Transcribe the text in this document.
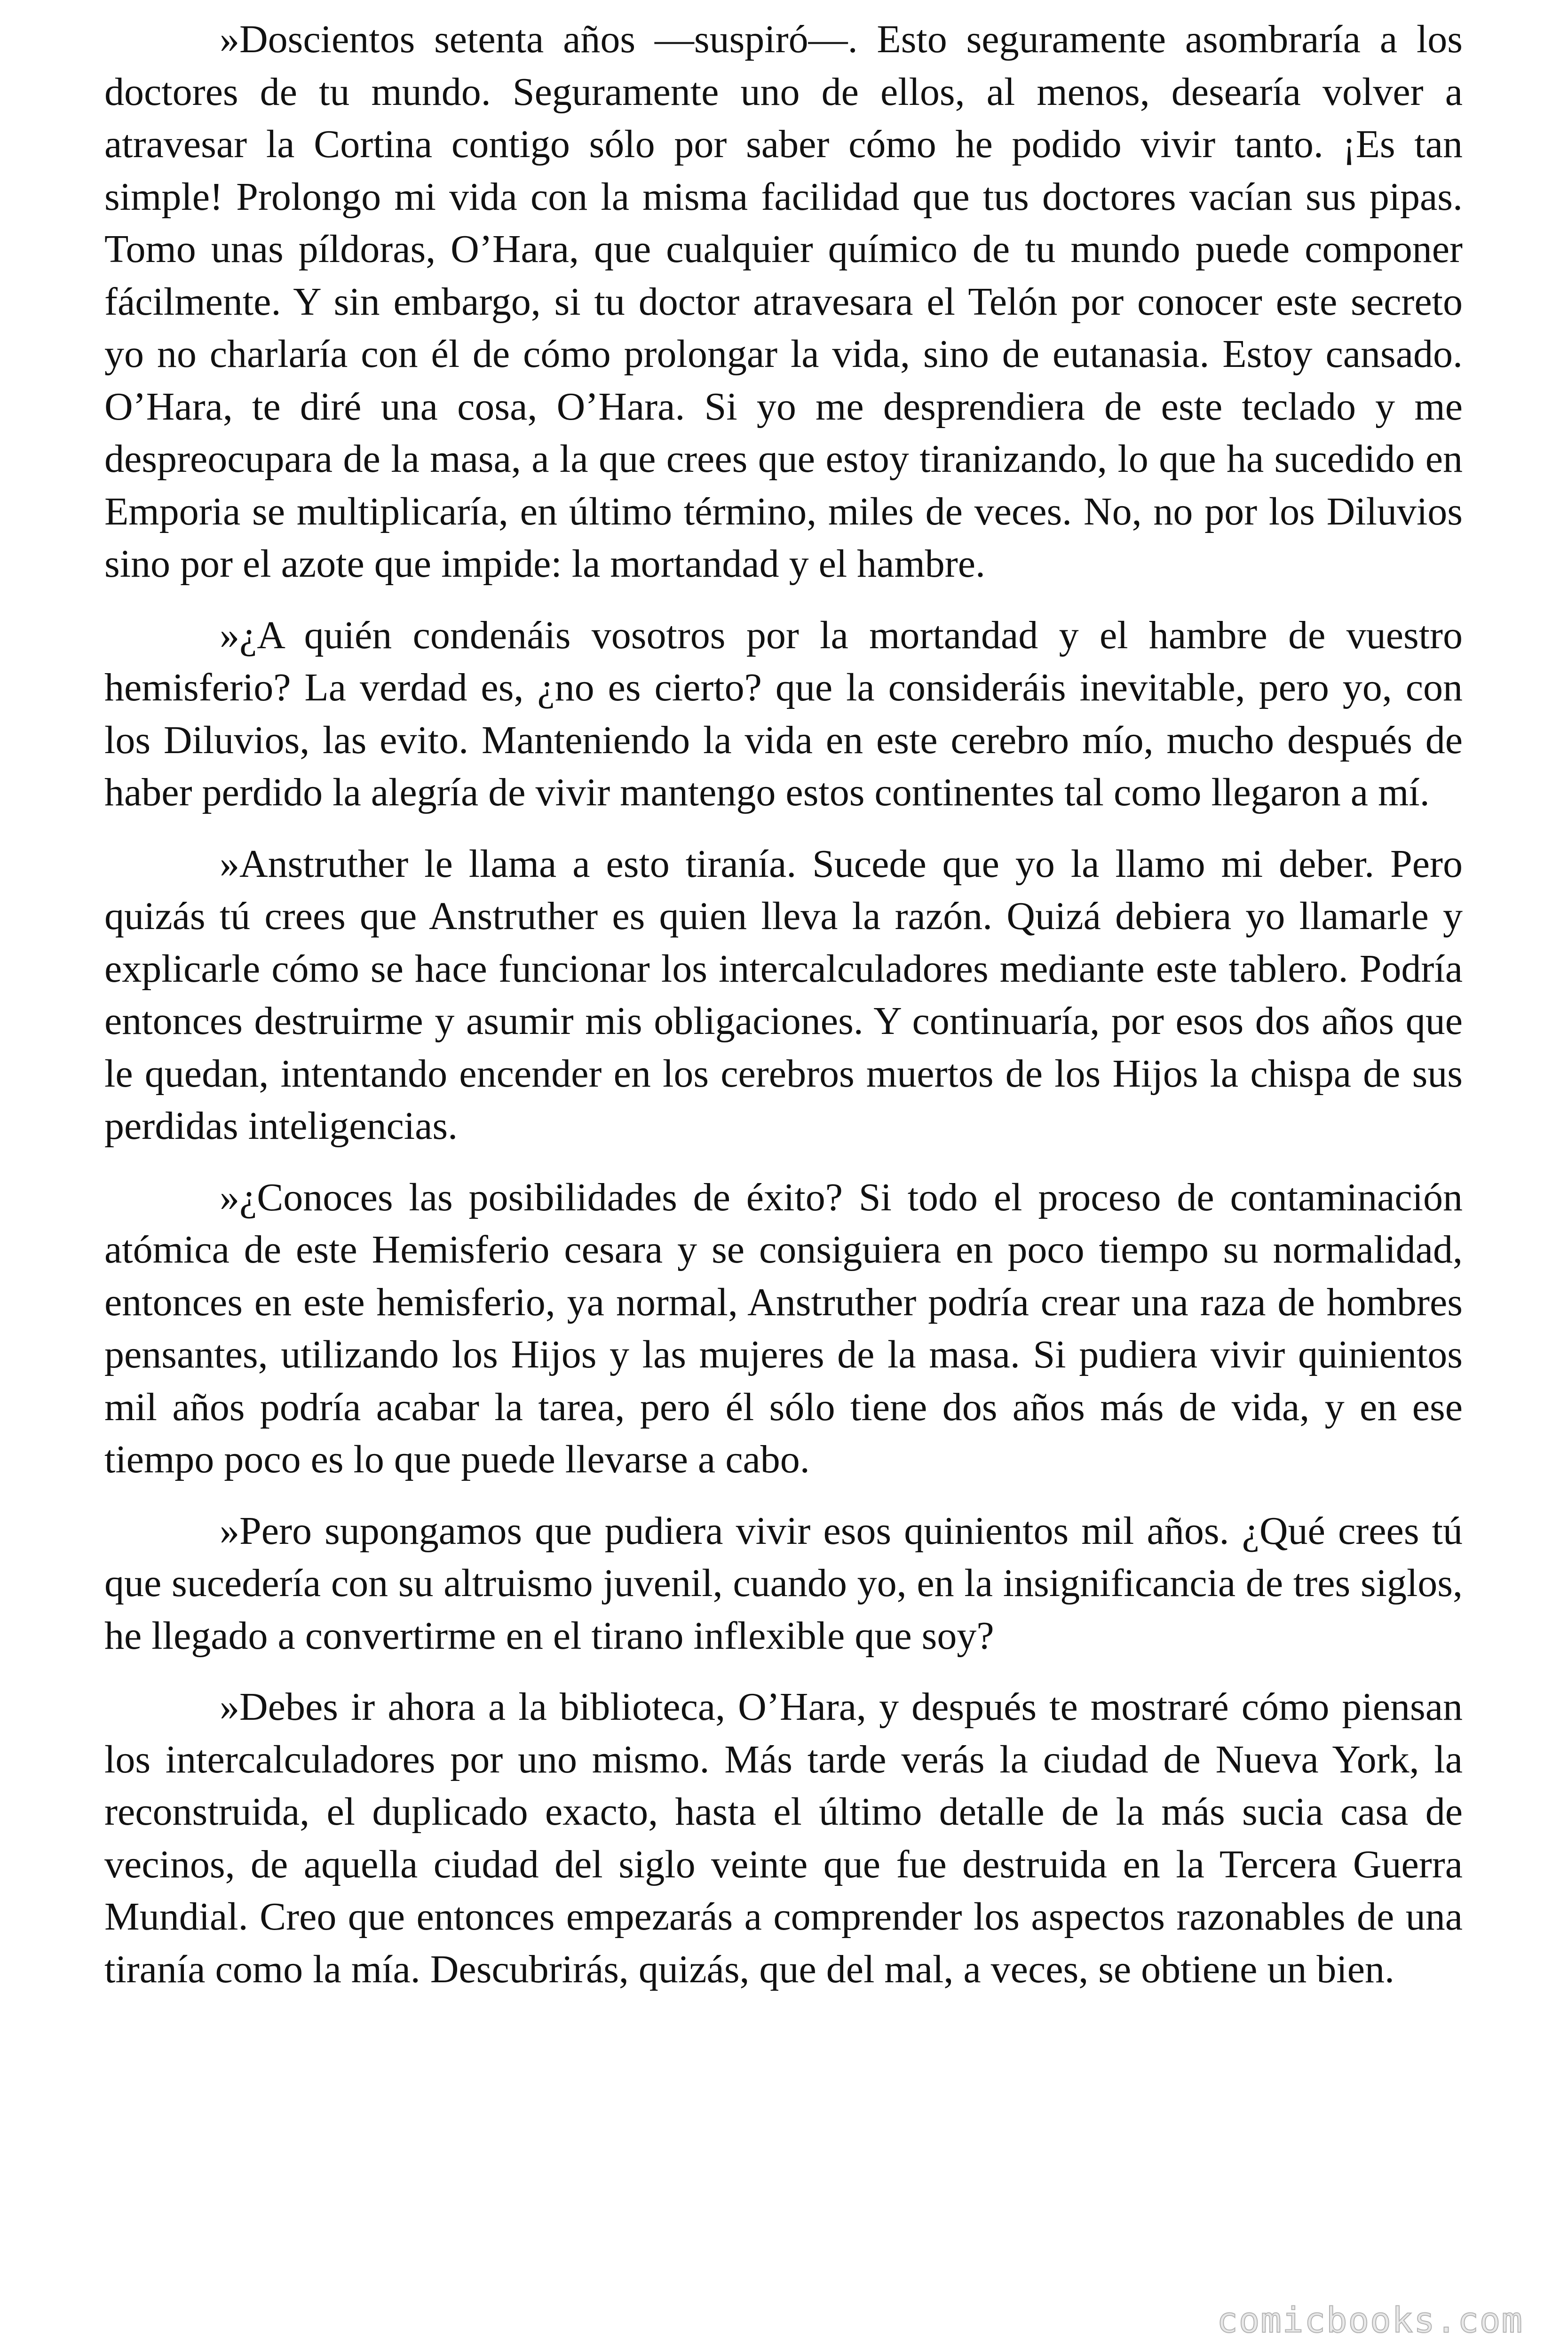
»Doscientos setenta años —suspiró—. Esto seguramente asombraría a los doctores de tu mundo. Seguramente uno de ellos, al menos, desearía volver a atravesar la Cortina contigo sólo por saber cómo he podido vivir tanto. ¡Es tan simple! Prolongo mi vida con la misma facilidad que tus doctores vacían sus pipas. Tomo unas píldoras, O’Hara, que cualquier químico de tu mundo puede componer fácilmente. Y sin embargo, si tu doctor atravesara el Telón por conocer este secreto yo no charlaría con él de cómo prolongar la vida, sino de eutanasia. Estoy cansado. O’Hara, te diré una cosa, O’Hara. Si yo me desprendiera de este teclado y me despreocupara de la masa, a la que crees que estoy tiranizando, lo que ha sucedido en Emporia se multiplicaría, en último término, miles de veces. No, no por los Diluvios sino por el azote que impide: la mortandad y el hambre.

»¿A quién condenáis vosotros por la mortandad y el hambre de vuestro hemisferio? La verdad es, ¿no es cierto? que la consideráis inevitable, pero yo, con los Diluvios, las evito. Manteniendo la vida en este cerebro mío, mucho después de haber perdido la alegría de vivir mantengo estos continentes tal como llegaron a mí.

»Anstruther le llama a esto tiranía. Sucede que yo la llamo mi deber. Pero quizás tú crees que Anstruther es quien lleva la razón. Quizá debiera yo llamarle y explicarle cómo se hace funcionar los intercalculadores mediante este tablero. Podría entonces destruirme y asumir mis obligaciones. Y continuaría, por esos dos años que le quedan, intentando encender en los cerebros muertos de los Hijos la chispa de sus perdidas inteligencias.

»¿Conoces las posibilidades de éxito? Si todo el proceso de contaminación atómica de este Hemisferio cesara y se consiguiera en poco tiempo su normalidad, entonces en este hemisferio, ya normal, Anstruther podría crear una raza de hombres pensantes, utilizando los Hijos y las mujeres de la masa. Si pudiera vivir quinientos mil años podría acabar la tarea, pero él sólo tiene dos años más de vida, y en ese tiempo poco es lo que puede llevarse a cabo.

»Pero supongamos que pudiera vivir esos quinientos mil años. ¿Qué crees tú que sucedería con su altruismo juvenil, cuando yo, en la insignificancia de tres siglos, he llegado a convertirme en el tirano inflexible que soy?

»Debes ir ahora a la biblioteca, O’Hara, y después te mostraré cómo piensan los intercalculadores por uno mismo. Más tarde verás la ciudad de Nueva York, la reconstruida, el duplicado exacto, hasta el último detalle de la más sucia casa de vecinos, de aquella ciudad del siglo veinte que fue destruida en la Tercera Guerra Mundial. Creo que entonces empezarás a comprender los aspectos razonables de una tiranía como la mía. Descubrirás, quizás, que del mal, a veces, se obtiene un bien.

comicbooks.com
